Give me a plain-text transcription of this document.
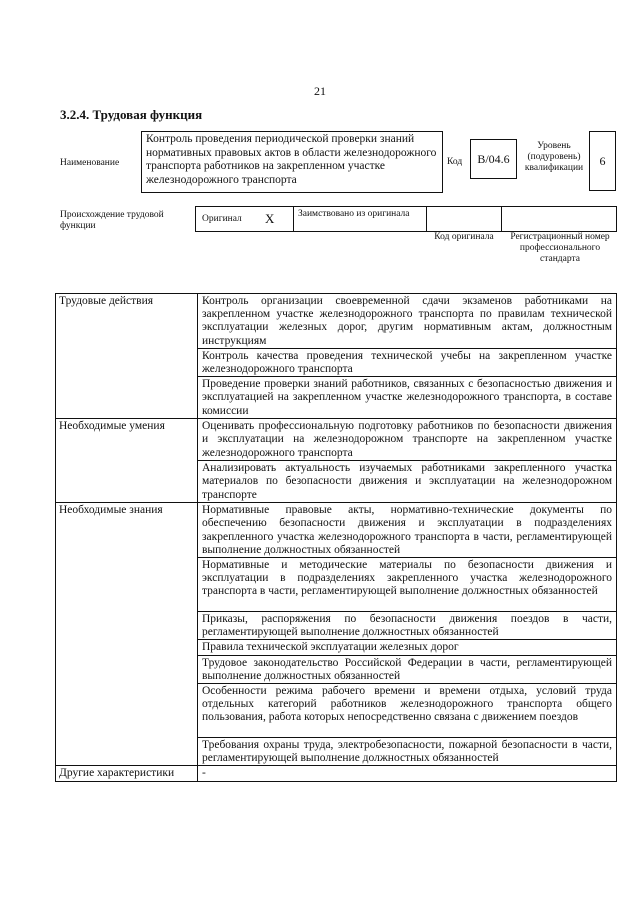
21
3.2.4. Трудовая функция
Наименование
Контроль проведения периодической проверки знаний нормативных правовых актов в области железнодорожного транспорта работников на закрепленном участке железнодорожного транспорта
Код В/04.6
Уровень (подуровень) квалификации
6
Происхождение трудовой функции
Оригинал X Заимствовано из оригинала
Код оригинала	Регистрационный номер профессионального стандарта
Трудовые действия	Контроль организации своевременной сдачи экзаменов работниками на закрепленном участке железнодорожного транспорта по правилам технической эксплуатации железных дорог, другим нормативным актам, должностным инструкциям
	Контроль качества проведения технической учебы на закрепленном участке железнодорожного транспорта
	Проведение проверки знаний работников, связанных с безопасностью движения и эксплуатацией на закрепленном участке железнодорожного транспорта, в составе комиссии
Необходимые умения	Оценивать профессиональную подготовку работников по безопасности движения и эксплуатации на железнодорожном транспорте на закрепленном участке железнодорожного транспорта
	Анализировать актуальность изучаемых работниками закрепленного участка материалов по безопасности движения и эксплуатации на железнодорожном транспорте
Необходимые знания	Нормативные правовые акты, нормативно-технические документы по обеспечению безопасности движения и эксплуатации в подразделениях закрепленного участка железнодорожного транспорта в части, регламентирующей выполнение должностных обязанностей
	Нормативные и методические материалы по безопасности движения и эксплуатации в подразделениях закрепленного участка железнодорожного транспорта в части, регламентирующей выполнение должностных обязанностей
	Приказы, распоряжения по безопасности движения поездов в части, регламентирующей выполнение должностных обязанностей
	Правила технической эксплуатации железных дорог
	Трудовое законодательство Российской Федерации в части, регламентирующей выполнение должностных обязанностей
	Особенности режима рабочего времени и времени отдыха, условий труда отдельных категорий работников железнодорожного транспорта общего пользования, работа которых непосредственно связана с движением поездов
	Требования охраны труда, электробезопасности, пожарной безопасности в части, регламентирующей выполнение должностных обязанностей
Другие характеристики	-
